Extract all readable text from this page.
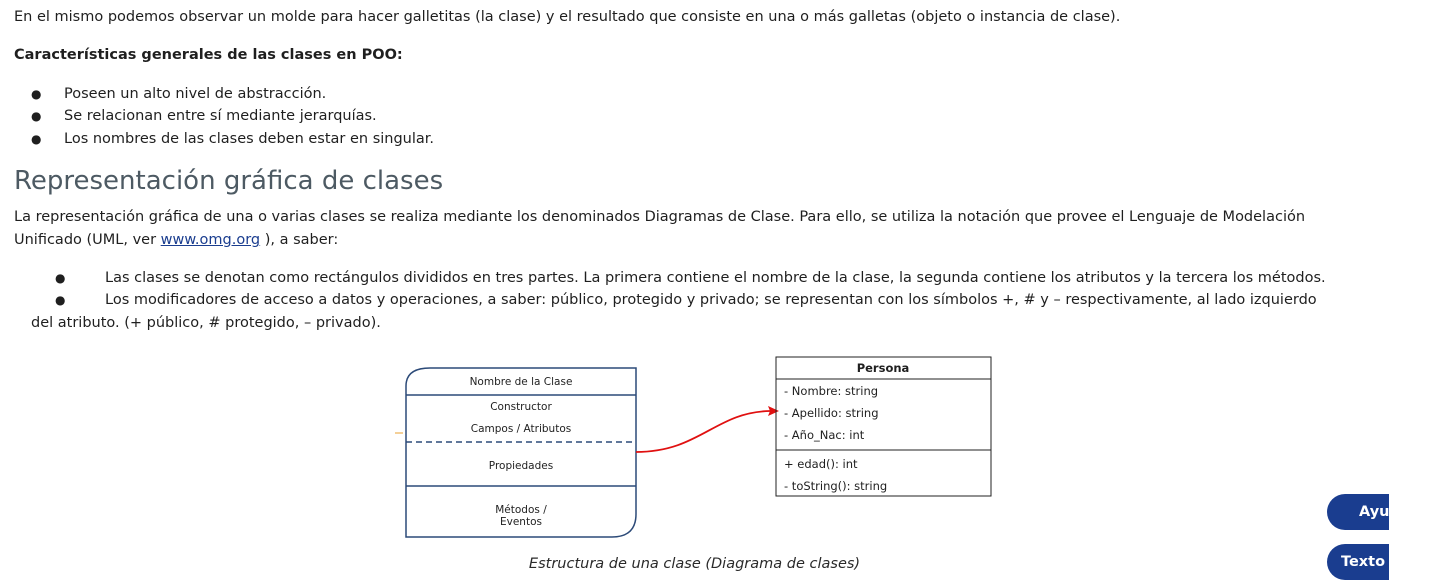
En el mismo podemos observar un molde para hacer galletitas (la clase) y el resultado que consiste en una o más galletas (objeto o instancia de clase).

Características generales de las clases en POO:

● Poseen un alto nivel de abstracción.
● Se relacionan entre sí mediante jerarquías.
● Los nombres de las clases deben estar en singular.
Representación gráfica de clases

La representación gráfica de una o varias clases se realiza mediante los denominados Diagramas de Clase. Para ello, se utiliza la notación que provee el Lenguaje de Modelación

Unificado (UML, ver www.omg.org ), a saber:

●	Las clases se denotan como rectángulos divididos en tres partes. La primera contiene el nombre de la clase, la segunda contiene los atributos y la tercera los métodos.
●	Los modificadores de acceso a datos y operaciones, a saber: público, protegido y privado; se representan con los símbolos +, # y – respectivamente, al lado izquierdo
del atributo. (+ público, # protegido, – privado).
Nombre de la Clase
Constructor
Campos / Atributos
Propiedades
Métodos /
Eventos
Persona
- Nombre: string
- Apellido: string
- Año_Nac: int
+ edad(): int
- toString(): string
Estructura de una clase (Diagrama de clases)
Ayuda
Texto a voz
